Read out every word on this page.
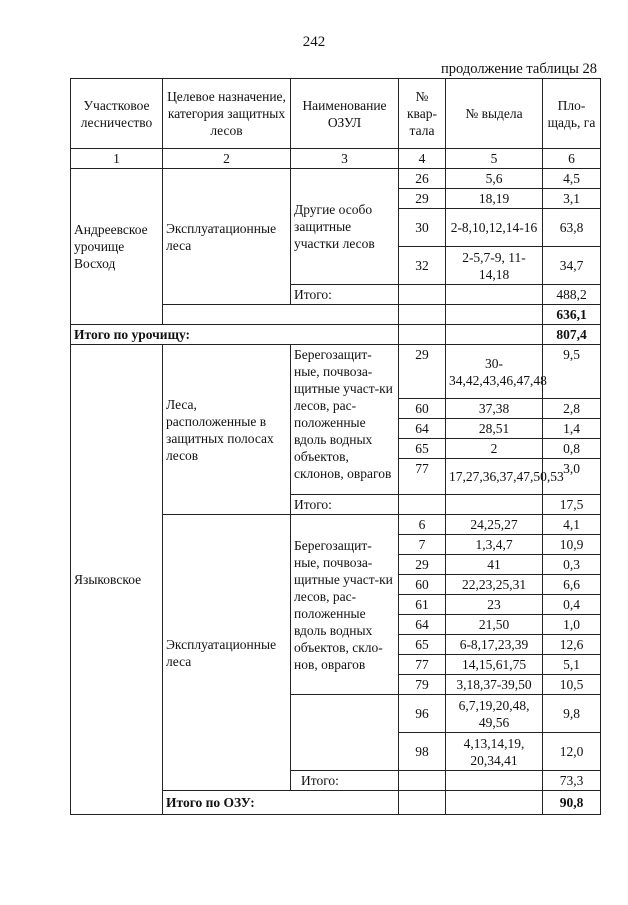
242
продолжение таблицы 28
Участковое лесничество	Целевое назначение, категория защитных лесов	Наименование ОЗУЛ	№ квар- тала	№ выдела	Пло- щадь, га
1	2	3	4	5	6
Андреевское урочище Восход	Эксплуатационные леса	Другие особо защитные участки лесов	26	5,6	4,5
			29	18,19	3,1
			30	2-8,10,12,14-16	63,8
			32	2-5,7-9, 11-14,18	34,7
		Итого:			488,2
					636,1
Итого по урочищу:					807,4
Языковское	Леса, расположенные в защитных полосах лесов	Берегозащит-ные, почвоза-щитные участ-ки лесов, рас-положенные вдоль водных объектов, склонов, оврагов	29	30-34,42,43,46,47,48	9,5
			60	37,38	2,8
			64	28,51	1,4
			65	2	0,8
			77	17,27,36,37,47,50,53	3,0
		Итого:			17,5
	Эксплуатационные леса	Берегозащит-ные, почвоза-щитные участ-ки лесов, рас-положенные вдоль водных объектов, скло-нов, оврагов	6	24,25,27	4,1
			7	1,3,4,7	10,9
			29	41	0,3
			60	22,23,25,31	6,6
			61	23	0,4
			64	21,50	1,0
			65	6-8,17,23,39	12,6
			77	14,15,61,75	5,1
			79	3,18,37-39,50	10,5
			96	6,7,19,20,48, 49,56	9,8
			98	4,13,14,19, 20,34,41	12,0
		Итого:			73,3
	Итого по ОЗУ:				90,8
